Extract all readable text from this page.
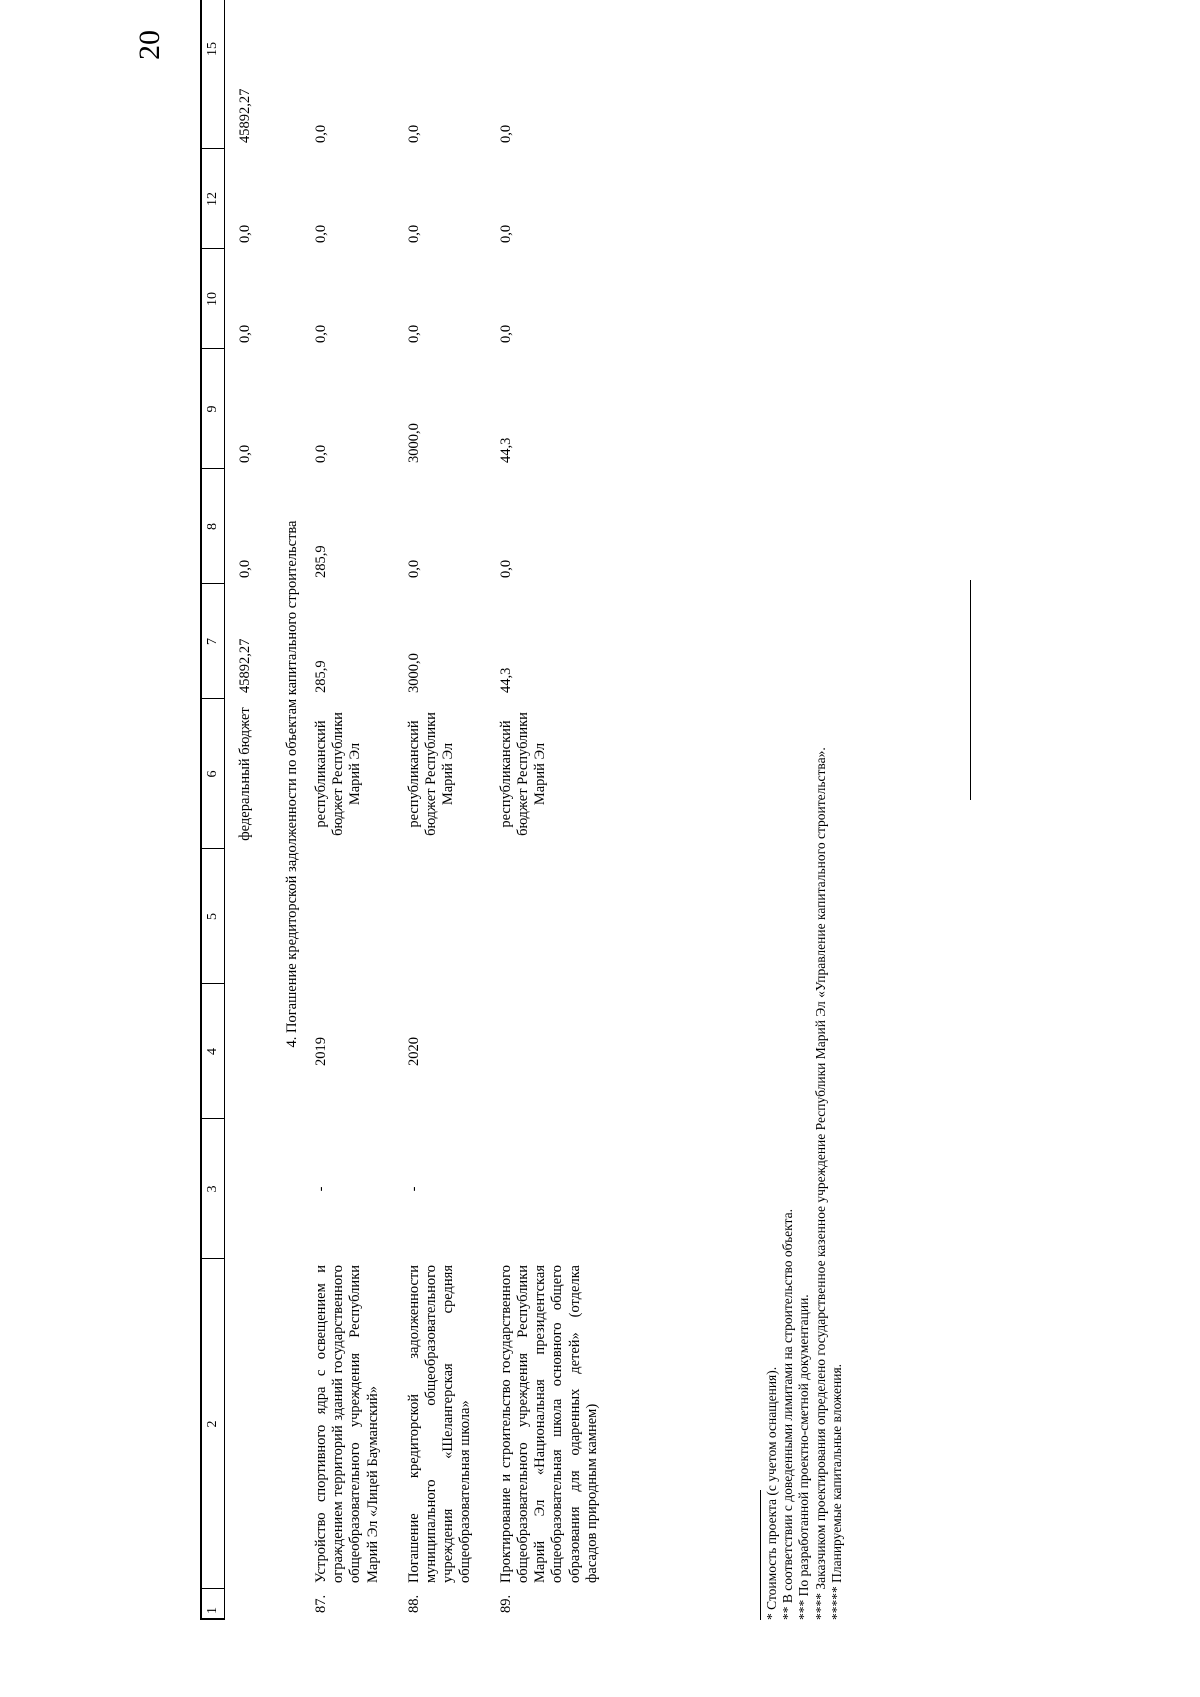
20
1	2	3	4	5	6	7	8	9	10	12	15

					федеральный бюджет	45892,27	0,0	0,0	0,0	0,0	45892,27
4. Погашение кредиторской задолженности по объектам капитального строительства											
87.	Устройство спортивного ядра с освещением и ограждением территорий зданий государственного общеобразовательного учреждения Республики Марий Эл «Лицей Бауманский»	-	2019		республиканский бюджет Республики Марий Эл	285,9	285,9	0,0	0,0	0,0	0,0
88.	Погашение кредиторской задолженности муниципального общеобразовательного учреждения «Шелангерская средняя общеобразовательная школа»	-	2020		республиканский бюджет Республики Марий Эл	3000,0	0,0	3000,0	0,0	0,0	0,0
89.	Проктирование и строительство государственного общеобразовательного учреждения Республики Марий Эл «Национальная президентская общеобразовательная школа основного общего образования для одаренных детей» (отделка фасадов природным камнем)				республиканский бюджет Республики Марий Эл	44,3	0,0	44,3	0,0	0,0	0,0
* Стоимость проекта (с учетом оснащения). ** В соответствии с доведенными лимитами на строительство объекта. *** По разработанной проектно-сметной документации. **** Заказчиком проектирования определено государственное казенное учреждение Республики Марий Эл «Управление капитального строительства». ***** Планируемые капитальные вложения.
